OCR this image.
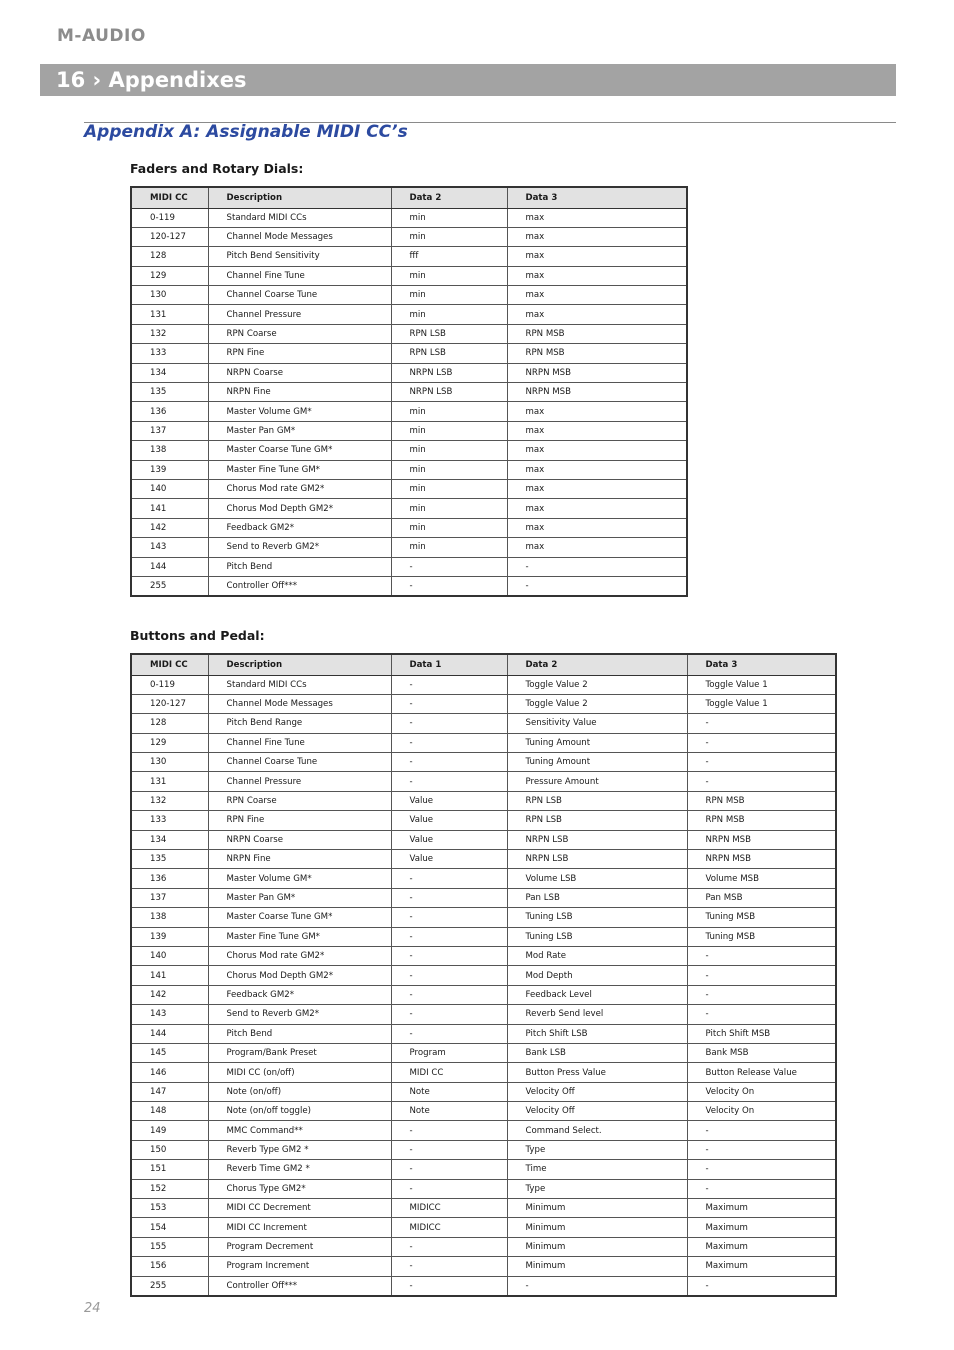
M-AUDIO
16 › Appendixes
Appendix A: Assignable MIDI CC’s
Faders and Rotary Dials:
MIDI CC	Description	Data 2	Data 3
0-119	Standard MIDI CCs	min	max
120-127	Channel Mode Messages	min	max
128	Pitch Bend Sensitivity	fff	max
129	Channel Fine Tune	min	max
130	Channel Coarse Tune	min	max
131	Channel Pressure	min	max
132	RPN Coarse	RPN LSB	RPN MSB
133	RPN Fine	RPN LSB	RPN MSB
134	NRPN Coarse	NRPN LSB	NRPN MSB
135	NRPN Fine	NRPN LSB	NRPN MSB
136	Master Volume GM*	min	max
137	Master Pan GM*	min	max
138	Master Coarse Tune GM*	min	max
139	Master Fine Tune GM*	min	max
140	Chorus Mod rate GM2*	min	max
141	Chorus Mod Depth GM2*	min	max
142	Feedback GM2*	min	max
143	Send to Reverb GM2*	min	max
144	Pitch Bend	-	-
255	Controller Off***	-	-
Buttons and Pedal:
MIDI CC	Description	Data 1	Data 2	Data 3
0-119	Standard MIDI CCs	-	Toggle Value 2	Toggle Value 1
120-127	Channel Mode Messages	-	Toggle Value 2	Toggle Value 1
128	Pitch Bend Range	-	Sensitivity Value	-
129	Channel Fine Tune	-	Tuning Amount	-
130	Channel Coarse Tune	-	Tuning Amount	-
131	Channel Pressure	-	Pressure Amount	-
132	RPN Coarse	Value	RPN LSB	RPN MSB
133	RPN Fine	Value	RPN LSB	RPN MSB
134	NRPN Coarse	Value	NRPN LSB	NRPN MSB
135	NRPN Fine	Value	NRPN LSB	NRPN MSB
136	Master Volume GM*	-	Volume LSB	Volume MSB
137	Master Pan GM*	-	Pan LSB	Pan MSB
138	Master Coarse Tune GM*	-	Tuning LSB	Tuning MSB
139	Master Fine Tune GM*	-	Tuning LSB	Tuning MSB
140	Chorus Mod rate GM2*	-	Mod Rate	-
141	Chorus Mod Depth GM2*	-	Mod Depth	-
142	Feedback GM2*	-	Feedback Level	-
143	Send to Reverb GM2*	-	Reverb Send level	-
144	Pitch Bend	-	Pitch Shift LSB	Pitch Shift MSB
145	Program/Bank Preset	Program	Bank LSB	Bank MSB
146	MIDI CC (on/off)	MIDI CC	Button Press Value	Button Release Value
147	Note (on/off)	Note	Velocity Off	Velocity On
148	Note (on/off toggle)	Note	Velocity Off	Velocity On
149	MMC Command**	-	Command Select.	-
150	Reverb Type GM2 *	-	Type	-
151	Reverb Time GM2 *	-	Time	-
152	Chorus Type GM2*	-	Type	-
153	MIDI CC Decrement	MIDICC	Minimum	Maximum
154	MIDI CC Increment	MIDICC	Minimum	Maximum
155	Program Decrement	-	Minimum	Maximum
156	Program Increment	-	Minimum	Maximum
255	Controller Off***	-	-	-
24
